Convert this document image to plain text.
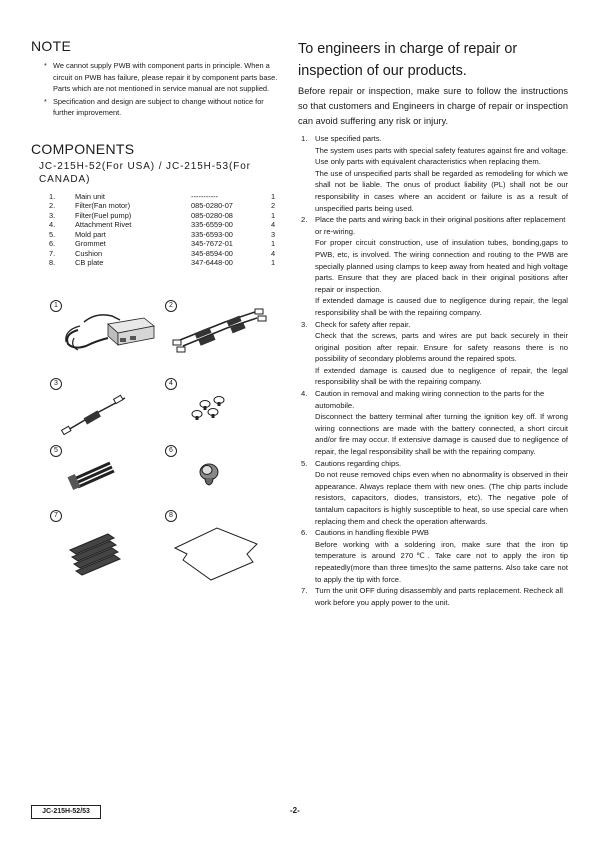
NOTE
* We cannot supply PWB with component parts in principle. When a circuit on PWB has failure, please repair it by component parts base. Parts which are not mentioned in service manual are not supplied.
* Specification and design are subject to change without notice for further improvement.
COMPONENTS
JC-215H-52(For USA) / JC-215H-53(For CANADA)
1.	Main unit	-----------	1
2.	Filter(Fan motor)	085-0280-07	2
3.	Filter(Fuel pump)	085-0280-08	1
4.	Attachment Rivet	335-6559-00	4
5.	Mold part	335-6593-00	3
6.	Grommet	345-7672-01	1
7.	Cushion	345-8594-00	4
8.	CB plate	347-6448-00	1
1	2
3	4
5	6
7	8
To engineers in charge of repair or inspection of our products.

Before repair or inspection, make sure to follow the instructions so that customers and Engineers in charge of repair or inspection can avoid suffering any risk or injury.

1. Use specified parts.
The system uses parts with special safety features against fire and voltage. Use only parts with equivalent characteristics when replacing them.
The use of unspecified parts shall be regarded as remodeling for which we shall not be liable. The onus of product liability (PL) shall not be our responsibility in cases where an accident or failure is as a result of unspecified parts being used.
2.	Place the parts and wiring back in their original positions after replacement or re-wiring.
For proper circuit construction, use of insulation tubes, bonding,gaps to PWB, etc, is involved. The wiring connection and routing to the PWB are specially planned using clamps to keep away from heated and high voltage parts. Ensure that they are placed back in their original positions after repair or inspection.
If extended damage is caused due to negligence during repair, the legal responsibility shall be with the repairing company.
3. Check for safety after repair.
Check that the screws, parts and wires are put back securely in their original position after repair. Ensure for safety reasons there is no possibility of secondary ploblems around the repaired spots.
If extended damage is caused due to negligence of repair, the legal responsibility shall be with the repairing company.
4.	Caution in removal and making wiring connection to the parts for the automobile.
Disconnect the battery terminal after turning the ignition key off. If wrong wiring connections are made with the battery connected, a short circuit and/or fire may occur. If extensive damage is caused due to negligence of repair, the legal responsibility shall be with the repairing company.
5. Cautions regarding chips.
Do not reuse removed chips even when no abnormality is observed in their appearance. Always replace them with new ones. (The chip parts include resistors, capacitors, diodes, transistors, etc). The negative pole of tantalum capacitors is highly susceptible to heat, so use special care when replacing them and check the operation afterwards.
6. Cautions in handling flexible PWB
Before working with a soldering iron, make sure that the iron tip temperature is around 270℃. Take care not to apply the iron tip repeatedly(more than three times)to the same patterns. Also take care not to apply the tip with force.
7.	Turn the unit OFF during disassembly and parts replacement. Recheck all work before you apply power to the unit.
JC-215H-52/53	-2-
